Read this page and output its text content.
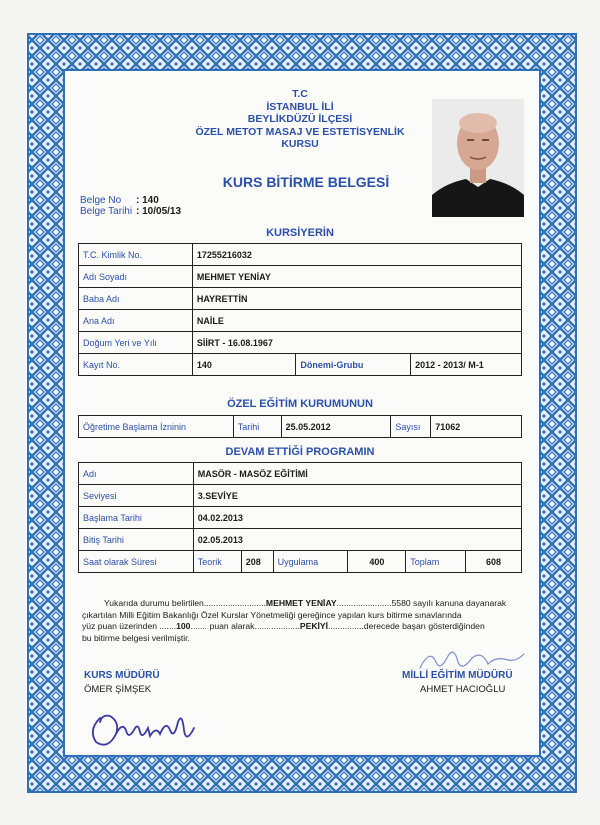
T.C
İSTANBUL İLİ
BEYLİKDÜZÜ İLÇESİ
ÖZEL METOT MASAJ VE ESTETİSYENLİK KURSU
KURS BİTİRME BELGESİ
Belge No : 140
Belge Tarihi : 10/05/13
KURSİYERİN
T.C. Kimlik No.	17255216032		
Adı Soyadı	MEHMET YENİAY		
Baba Adı	HAYRETTİN		
Ana Adı	NAİLE		
Doğum Yeri ve Yılı	SİİRT - 16.08.1967		
Kayıt No.	140	Dönemi-Grubu	2012 - 2013/ M-1
ÖZEL EĞİTİM KURUMUNUN
Öğretime Başlama İzninin	Tarihi	25.05.2012	Sayısı	71062
DEVAM ETTİĞİ PROGRAMIN
Adı	MASÖR - MASÖZ EĞİTİMİ					
Seviyesi	3.SEVİYE					
Başlama Tarihi	04.02.2013					
Bitiş Tarihi	02.05.2013					
Saat olarak Süresi	Teorik	208	Uygulama	400	Toplam	608
Yukarıda durumu belirtilen..........................MEHMET YENİAY.......................5580 sayılı kanuna dayanarak
çıkartılan Milli Eğitim Bakanlığı Özel Kurslar Yönetmeliği gereğince yapılan kurs bitirme sınavlarında
yüz puan üzerinden .......100....... puan alarak...................PEKİYİ...............derecede başarı gösterdiğinden
bu bitirme belgesi verilmiştir.
KURS MÜDÜRÜ
ÖMER ŞİMŞEK
MİLLİ EĞİTİM MÜDÜRÜ
AHMET HACIOĞLU
